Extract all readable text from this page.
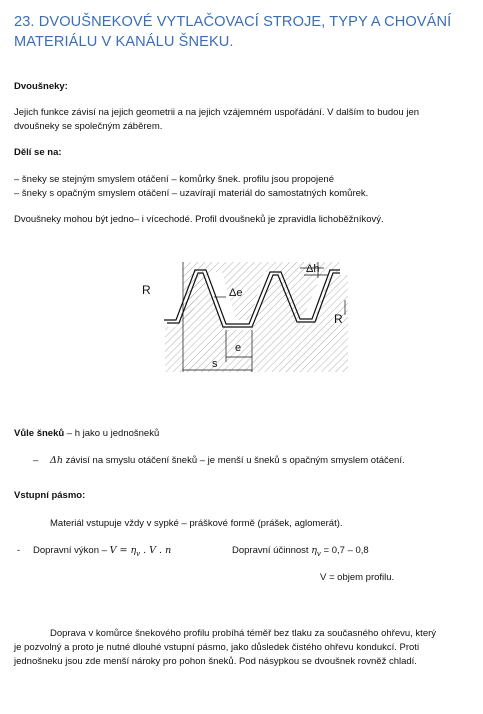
23. DVOUŠNEKOVÉ VYTLAČOVACÍ STROJE, TYPY A CHOVÁNÍ MATERIÁLU V KANÁLU ŠNEKU.

Dvoušneky:

Jejich funkce závisí na jejich geometrii a na jejich vzájemném uspořádání. V dalším to budou jen

dvoušneky se společným záběrem.

Dělí se na:

– šneky se stejným smyslem otáčení – komůrky šnek. profilu jsou propojené

– šneky s opačným smyslem otáčení – uzavírají materiál do samostatných komůrek.

Dvoušneky mohou být jedno– i vícechodé. Profil dvoušneků je zpravidla lichoběžníkový.

R
R
Δh
Δe
e
s

Vůle šneků – h jako u jednošneků

– Δh závisí na smyslu otáčení šneků – je menší u šneků s opačným smyslem otáčení.

Vstupní pásmo:

Materiál vstupuje vždy v sypké – práškové formě (prášek, aglomerát).

- Dopravní výkon – $V = \eta_v$ . V . n	Dopravní účinnost $\eta_v = 0,7 - 0,8$

V = objem profilu.

Doprava v komůrce šnekového profilu probíhá téměř bez tlaku za současného ohřevu, který

je pozvolný a proto je nutné dlouhé vstupní pásmo, jako důsledek čistého ohřevu kondukcí. Proti

jednošneku jsou zde menší nároky pro pohon šneků. Pod násypkou se dvoušnek rovněž chladí.
